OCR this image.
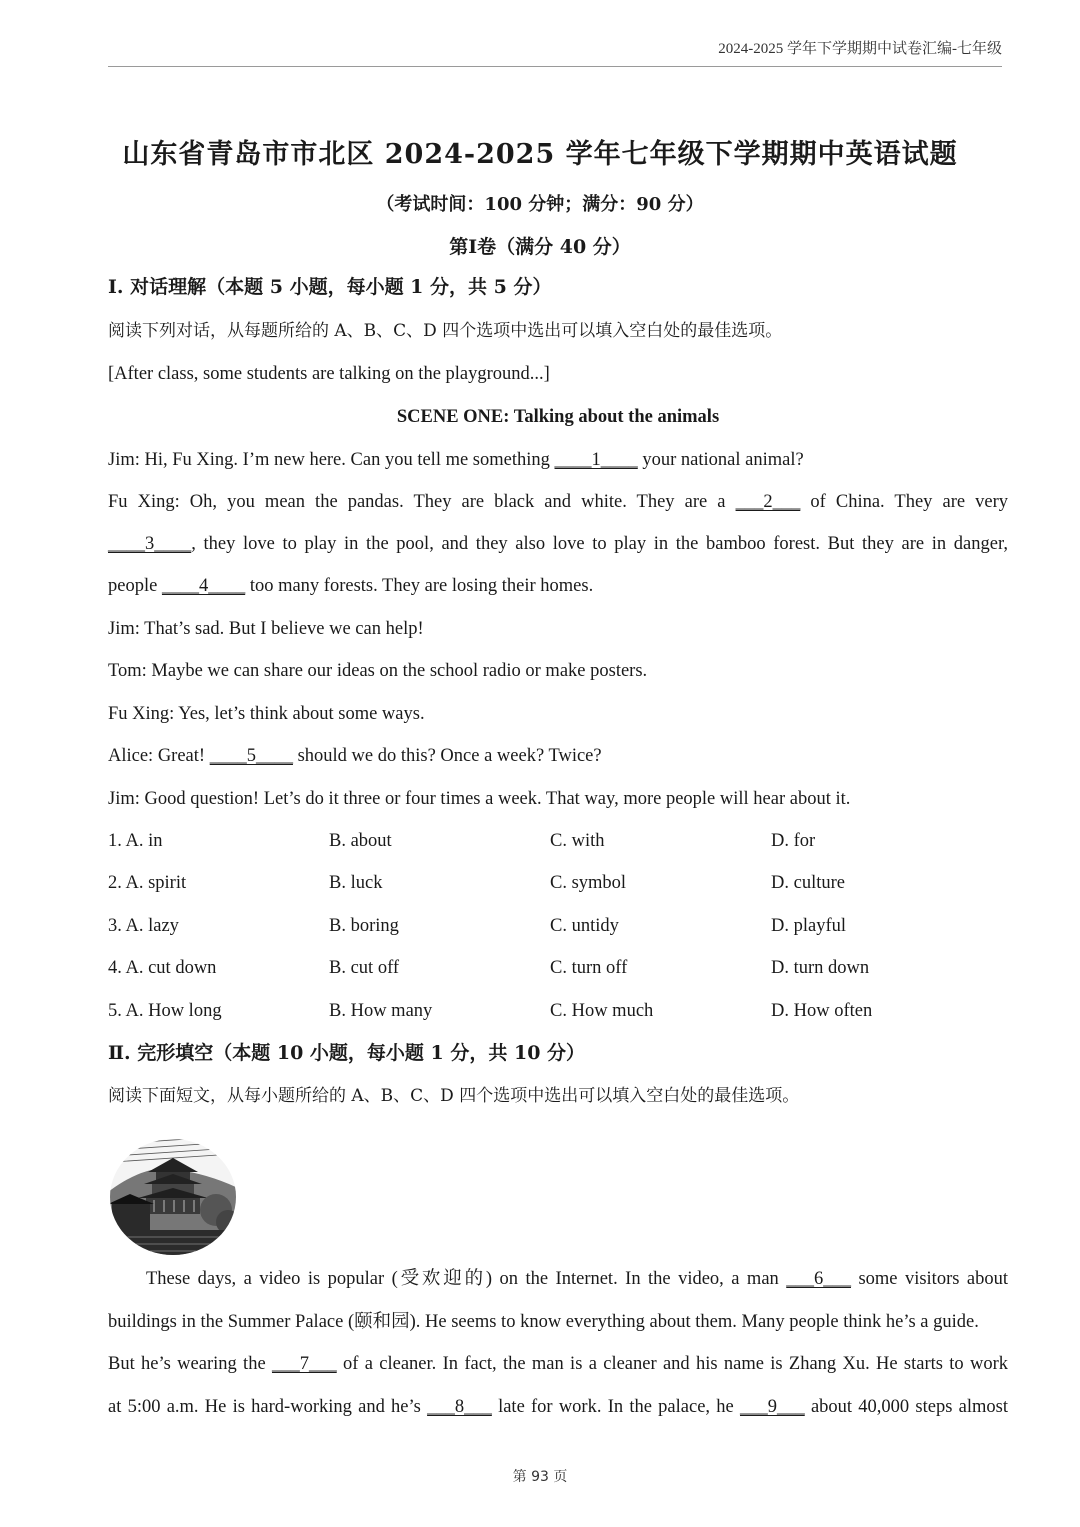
2024-2025 学年下学期期中试卷汇编-七年级
山东省青岛市市北区 2024-2025 学年七年级下学期期中英语试题
（考试时间：100 分钟；满分：90 分）
第Ⅰ卷（满分 40 分）
Ⅰ. 对话理解（本题 5 小题，每小题 1 分，共 5 分）
阅读下列对话，从每题所给的 A、B、C、D 四个选项中选出可以填入空白处的最佳选项。
[After class, some students are talking on the playground...]
SCENE ONE: Talking about the animals
Jim: Hi, Fu Xing. I’m new here. Can you tell me something ____1____ your national animal?
Fu Xing: Oh, you mean the pandas. They are black and white. They are a ___2___ of China. They are very
____3____, they love to play in the pool, and they also love to play in the bamboo forest. But they are in danger,
people ____4____ too many forests. They are losing their homes.
Jim: That’s sad. But I believe we can help!
Tom: Maybe we can share our ideas on the school radio or make posters.
Fu Xing: Yes, let’s think about some ways.
Alice: Great! ____5____ should we do this? Once a week? Twice?
Jim: Good question! Let’s do it three or four times a week. That way, more people will hear about it.
1. A. in	B. about	C. with	D. for
2. A. spirit	B. luck	C. symbol	D. culture
3. A. lazy	B. boring	C. untidy	D. playful
4. A. cut down	B. cut off	C. turn off	D. turn down
5. A. How long	B. How many	C. How much	D. How often
Ⅱ. 完形填空（本题 10 小题，每小题 1 分，共 10 分）
阅读下面短文，从每小题所给的 A、B、C、D 四个选项中选出可以填入空白处的最佳选项。
These days, a video is popular (受欢迎的) on the Internet. In the video, a man ___6___ some visitors about
buildings in the Summer Palace (颐和园). He seems to know everything about them. Many people think he’s a guide.
But he’s wearing the ___7___ of a cleaner. In fact, the man is a cleaner and his name is Zhang Xu. He starts to work
at 5:00 a.m. He is hard-working and he’s ___8___ late for work. In the palace, he ___9___ about 40,000 steps almost
第 93 页
